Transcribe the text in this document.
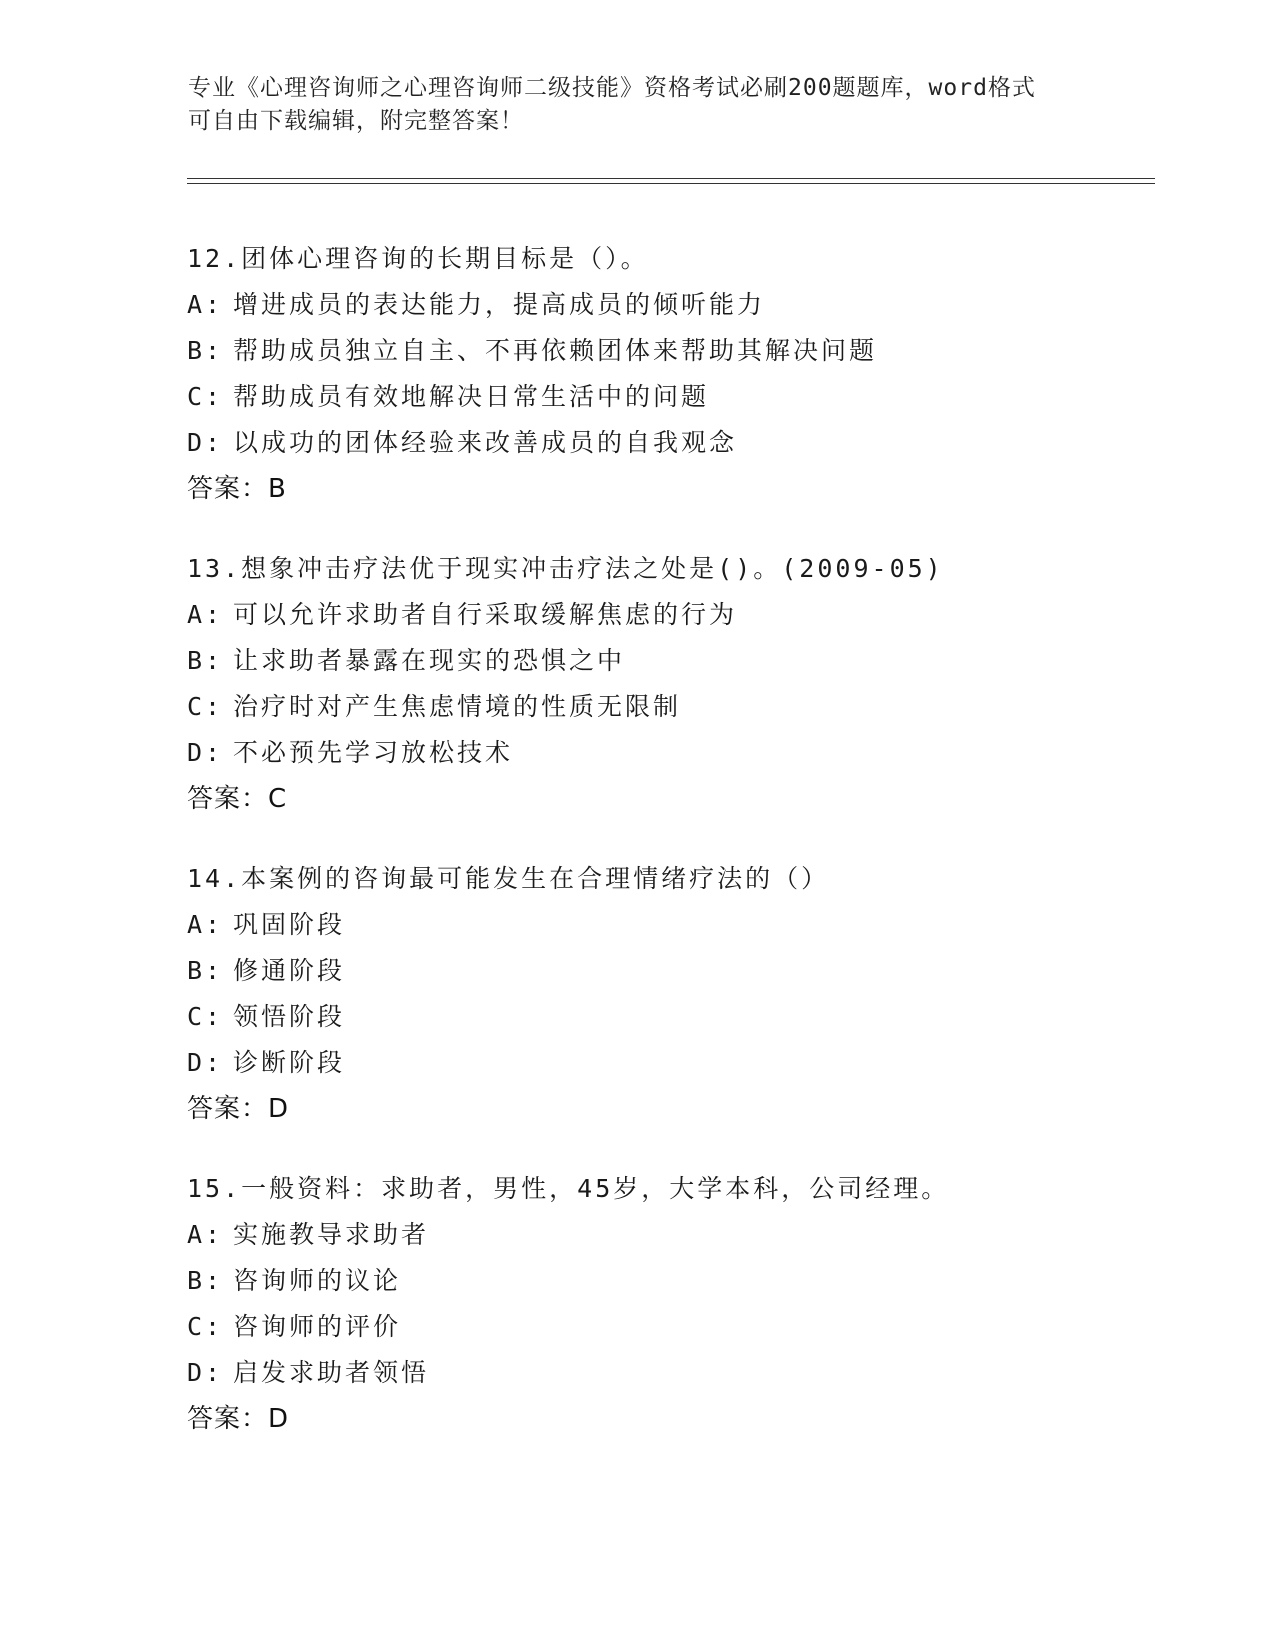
专业《心理咨询师之心理咨询师二级技能》资格考试必刷200题题库，word格式
可自由下载编辑，附完整答案！
12.团体心理咨询的长期目标是（）。
A: 增进成员的表达能力，提高成员的倾听能力
B: 帮助成员独立自主、不再依赖团体来帮助其解决问题
C: 帮助成员有效地解决日常生活中的问题
D: 以成功的团体经验来改善成员的自我观念
答案：B
13.想象冲击疗法优于现实冲击疗法之处是()。(2009-05)
A: 可以允许求助者自行采取缓解焦虑的行为
B: 让求助者暴露在现实的恐惧之中
C: 治疗时对产生焦虑情境的性质无限制
D: 不必预先学习放松技术
答案：C
14.本案例的咨询最可能发生在合理情绪疗法的（）
A: 巩固阶段
B: 修通阶段
C: 领悟阶段
D: 诊断阶段
答案：D
15.一般资料：求助者，男性，45岁，大学本科，公司经理。
A: 实施教导求助者
B: 咨询师的议论
C: 咨询师的评价
D: 启发求助者领悟
答案：D
